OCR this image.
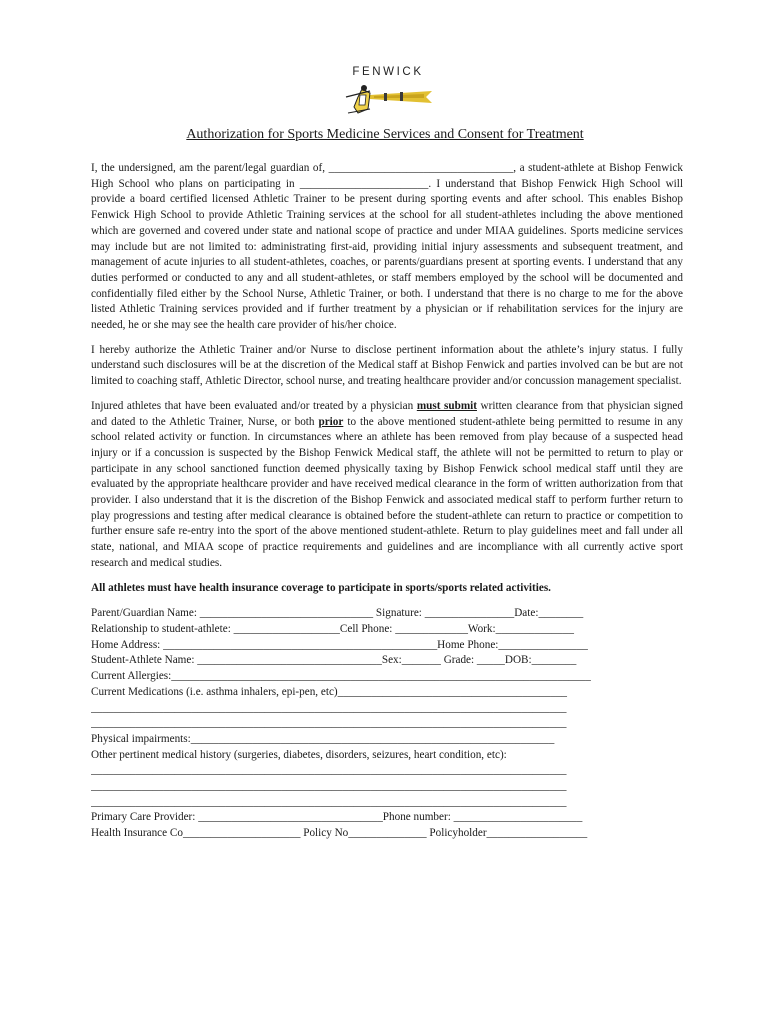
FENWICK
Authorization for Sports Medicine Services and Consent for Treatment

I, the undersigned, am the parent/legal guardian of, _________________________________, a student-athlete at Bishop Fenwick High School who plans on participating in _______________________. I understand that Bishop Fenwick High School will provide a board certified licensed Athletic Trainer to be present during sporting events and after school. This enables Bishop Fenwick High School to provide Athletic Training services at the school for all student-athletes including the above mentioned which are governed and covered under state and national scope of practice and under MIAA guidelines. Sports medicine services may include but are not limited to: administrating first-aid, providing initial injury assessments and subsequent treatment, and management of acute injuries to all student-athletes, coaches, or parents/guardians present at sporting events. I understand that any duties performed or conducted to any and all student-athletes, or staff members employed by the school will be documented and confidentially filed either by the School Nurse, Athletic Trainer, or both. I understand that there is no charge to me for the above listed Athletic Training services provided and if further treatment by a physician or if rehabilitation services for the injury are needed, he or she may see the health care provider of his/her choice.

I hereby authorize the Athletic Trainer and/or Nurse to disclose pertinent information about the athlete’s injury status. I fully understand such disclosures will be at the discretion of the Medical staff at Bishop Fenwick and parties involved can be but are not limited to coaching staff, Athletic Director, school nurse, and treating healthcare provider and/or concussion management specialist.

Injured athletes that have been evaluated and/or treated by a physician must submit written clearance from that physician signed and dated to the Athletic Trainer, Nurse, or both prior to the above mentioned student-athlete being permitted to resume in any school related activity or function. In circumstances where an athlete has been removed from play because of a suspected head injury or if a concussion is suspected by the Bishop Fenwick Medical staff, the athlete will not be permitted to return to play or participate in any school sanctioned function deemed physically taxing by Bishop Fenwick school medical staff until they are evaluated by the appropriate healthcare provider and have received medical clearance in the form of written authorization from that provider. I also understand that it is the discretion of the Bishop Fenwick and associated medical staff to perform further return to play progressions and testing after medical clearance is obtained before the student-athlete can return to practice or competition to further ensure safe re-entry into the sport of the above mentioned student-athlete. Return to play guidelines meet and fall under all state, national, and MIAA scope of practice requirements and guidelines and are incompliance with all currently active sport research and medical studies.

All athletes must have health insurance coverage to participate in sports/sports related activities.

Parent/Guardian Name: _______________________________ Signature: ________________Date:________
Relationship to student-athlete: ___________________Cell Phone: _____________Work:______________
Home Address: _________________________________________________Home Phone:________________
Student-Athlete Name: _________________________________Sex:_______ Grade: _____DOB:________
Current Allergies:___________________________________________________________________________
Current Medications (i.e. asthma inhalers, epi-pen, etc)_________________________________________
_____________________________________________________________________________________
_____________________________________________________________________________________
Physical impairments:_________________________________________________________________
Other pertinent medical history (surgeries, diabetes, disorders, seizures, heart condition, etc):
_____________________________________________________________________________________
_____________________________________________________________________________________
_____________________________________________________________________________________
Primary Care Provider: _________________________________Phone number: _______________________
Health Insurance Co_____________________ Policy No______________ Policyholder__________________
